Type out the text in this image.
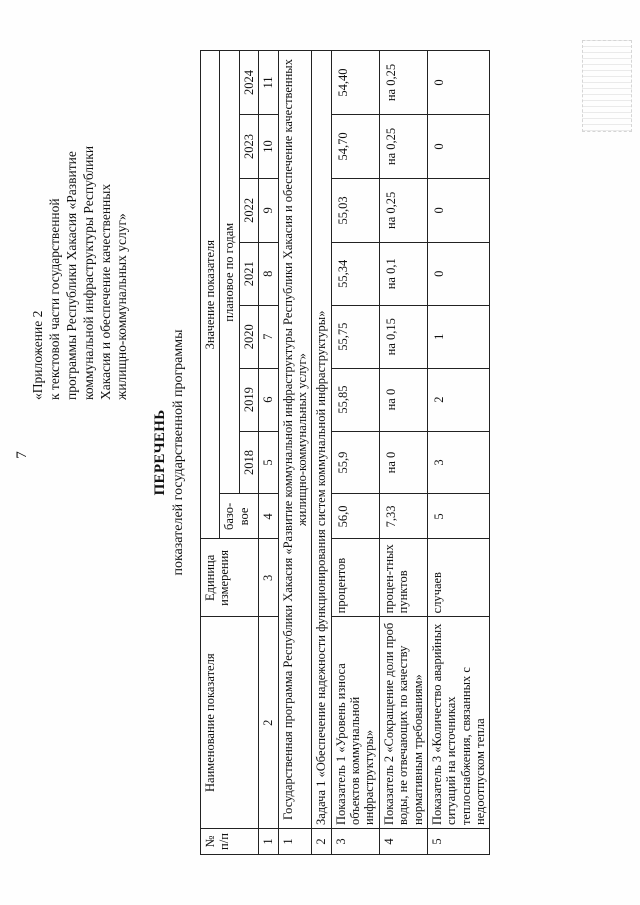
7
«Приложение 2 к текстовой части государственной программы Республики Хакасия «Развитие коммунальной инфраструктуры Республики Хакасия и обеспечение качественных жилищно-коммунальных услуг»
ПЕРЕЧЕНЬ показателей государственной программы
№ п/п	Наименование показателя	Единица измерения	Значение показателя							
			базо-вое	плановое по годам						
				2018	2019	2020	2021	2022	2023	2024
1	2	3	4	5	6	7	8	9	10	11
1	Государственная программа Республики Хакасия «Развитие коммунальной инфраструктуры Республики Хакасия и обеспечение качественных жилищно-коммунальных услуг»									
2	Задача 1 «Обеспечение надежности функционирования систем коммунальной инфраструктуры»									
3	Показатель 1 «Уровень износа объектов коммунальной инфраструктуры»	процентов	56,0	55,9	55,85	55,75	55,34	55,03	54,70	54,40
4	Показатель 2 «Сокращение доли проб воды, не отвечающих по качеству нормативным требованиям»	процен-тных пунктов	7,33	на 0	на 0	на 0,15	на 0,1	на 0,25	на 0,25	на 0,25
5	Показатель 3 «Количество аварийных ситуаций на источниках теплоснабжения, связанных с недоотпуском тепла	случаев	5	3	2	1	0	0	0	0
